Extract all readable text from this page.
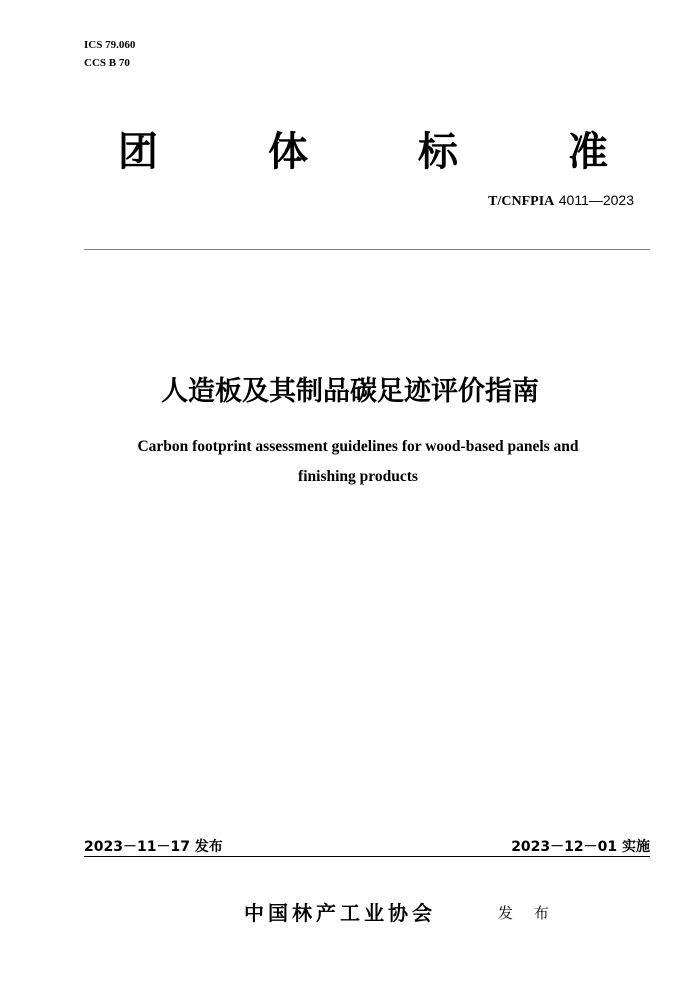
ICS 79.060
CCS B 70
团	体	标	准
T/CNFPIA 4011—2023
人造板及其制品碳足迹评价指南
Carbon footprint assessment guidelines for wood-based panels and
finishing products
2023－11－17 发布	2023－12－01 实施
中国林产工业协会	发 布
